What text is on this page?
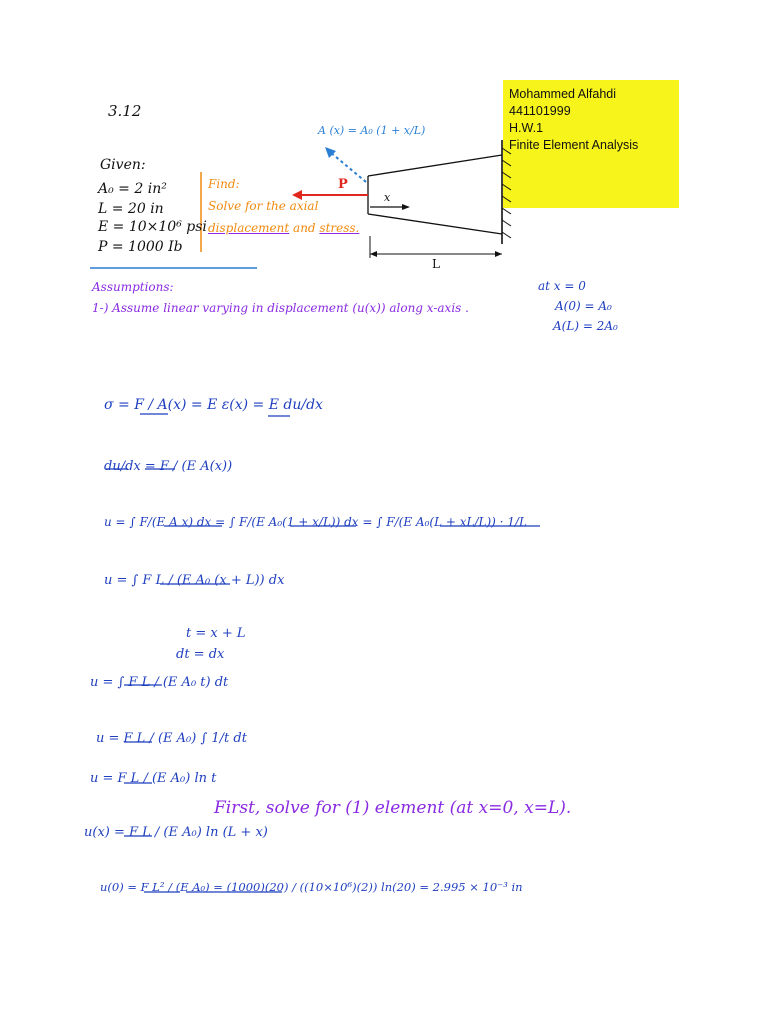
3.12
Mohammed Alfahdi
441101999
H.W.1
Finite Element Analysis
A (x) = A₀ (1 + x/L)
P
x
L
Given:
A₀ = 2 in²
L = 20 in
E = 10×10⁶ psi
P = 1000 Ib
Find:
Solve for the axial
displacement and stress.
Assumptions:
1-) Assume linear varying in displacement (u(x)) along x-axis .
at x = 0
A(0) = A₀
A(L) = 2A₀
σ = F / A(x) = E ε(x) = E du/dx
du/dx = F / (E A(x))
u = ∫ F/(E A x) dx = ∫ F/(E A₀(1 + x/L)) dx = ∫ F/(E A₀(L + xL/L)) · 1/L
u = ∫ F L / (E A₀ (x + L)) dx
t = x + L
dt = dx
u = ∫ F L / (E A₀ t) dt
u = F L / (E A₀) ∫ 1/t dt
u = F L / (E A₀) ln t
First, solve for (1) element (at x=0, x=L).
u(x) = F L / (E A₀) ln (L + x)
u(0) = F L² / (E A₀) = (1000)(20) / ((10×10⁶)(2)) ln(20) = 2.995 × 10⁻³ in
